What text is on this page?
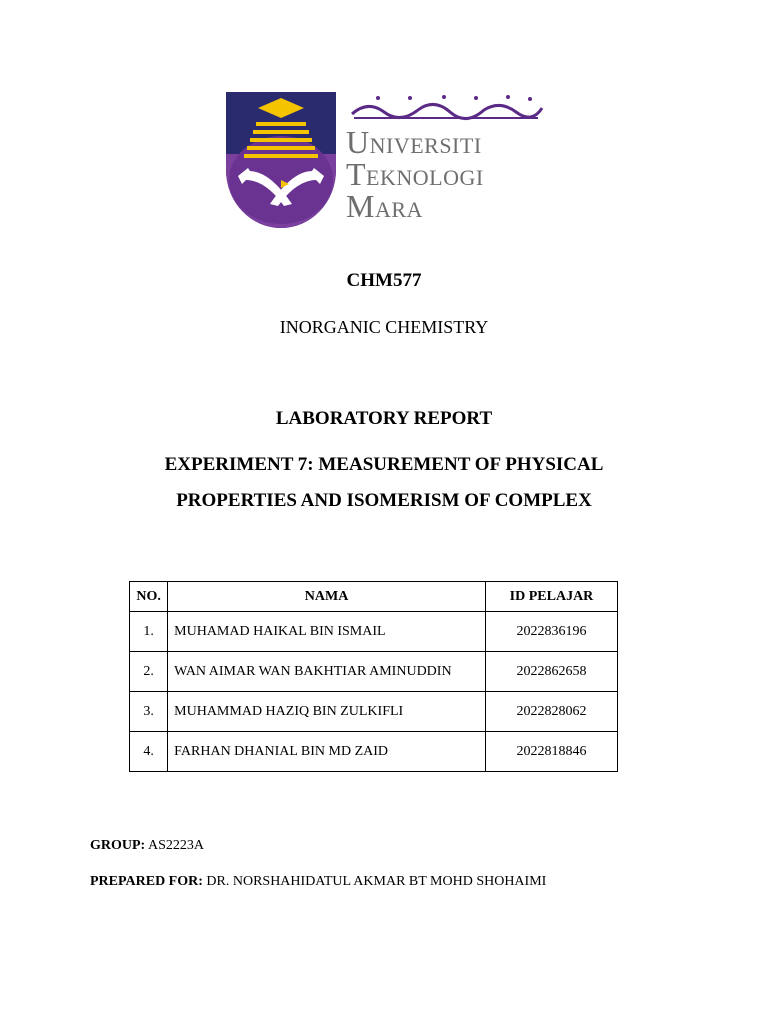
Universiti
Teknologi
Mara
CHM577
INORGANIC CHEMISTRY
LABORATORY REPORT
EXPERIMENT 7: MEASUREMENT OF PHYSICAL
PROPERTIES AND ISOMERISM OF COMPLEX
NO.	NAMA	ID PELAJAR
1.	MUHAMAD HAIKAL BIN ISMAIL	2022836196
2.	WAN AIMAR WAN BAKHTIAR AMINUDDIN	2022862658
3.	MUHAMMAD HAZIQ BIN ZULKIFLI	2022828062
4.	FARHAN DHANIAL BIN MD ZAID	2022818846
GROUP: AS2223A
PREPARED FOR: DR. NORSHAHIDATUL AKMAR BT MOHD SHOHAIMI
